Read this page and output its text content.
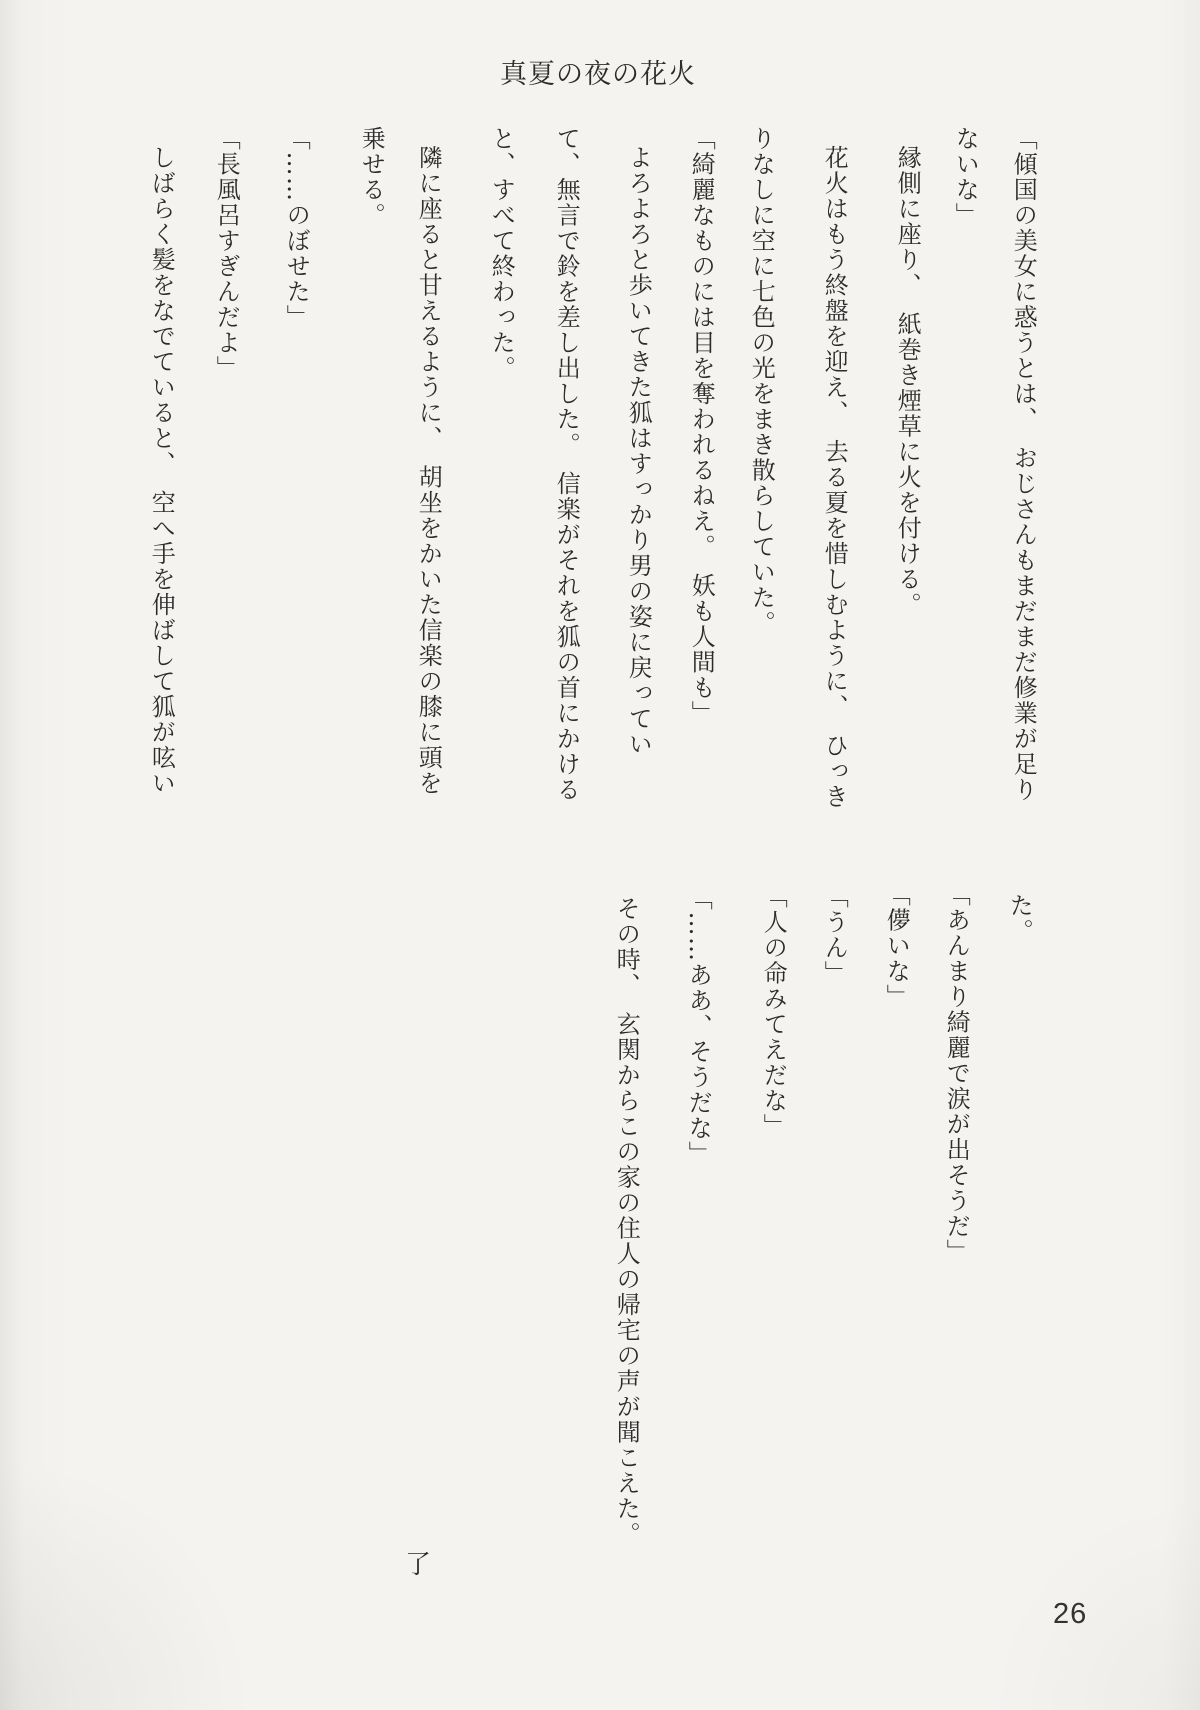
真夏の夜の花火
「傾国の美女に惑うとは、　おじさんもまだまだ修業が足り
ないな」
縁側に座り、　紙巻き煙草に火を付ける。
花火はもう終盤を迎え、　去る夏を惜しむように、　ひっき
りなしに空に七色の光をまき散らしていた。
「綺麗なものには目を奪われるねえ。　妖も人間も」
よろよろと歩いてきた狐はすっかり男の姿に戻ってい
て、無言で鈴を差し出した。　信楽がそれを狐の首にかける
と、すべて終わった。
隣に座ると甘えるように、　胡坐をかいた信楽の膝に頭を
乗せる。
「……のぼせた」
「長風呂すぎんだよ」
しばらく髪をなでていると、　空へ手を伸ばして狐が呟い
た。
「あんまり綺麗で涙が出そうだ」
「儚いな」
「うん」
「人の命みてえだな」
「……ああ、そうだな」
その時、　玄関からこの家の住人の帰宅の声が聞こえた。
了
26
